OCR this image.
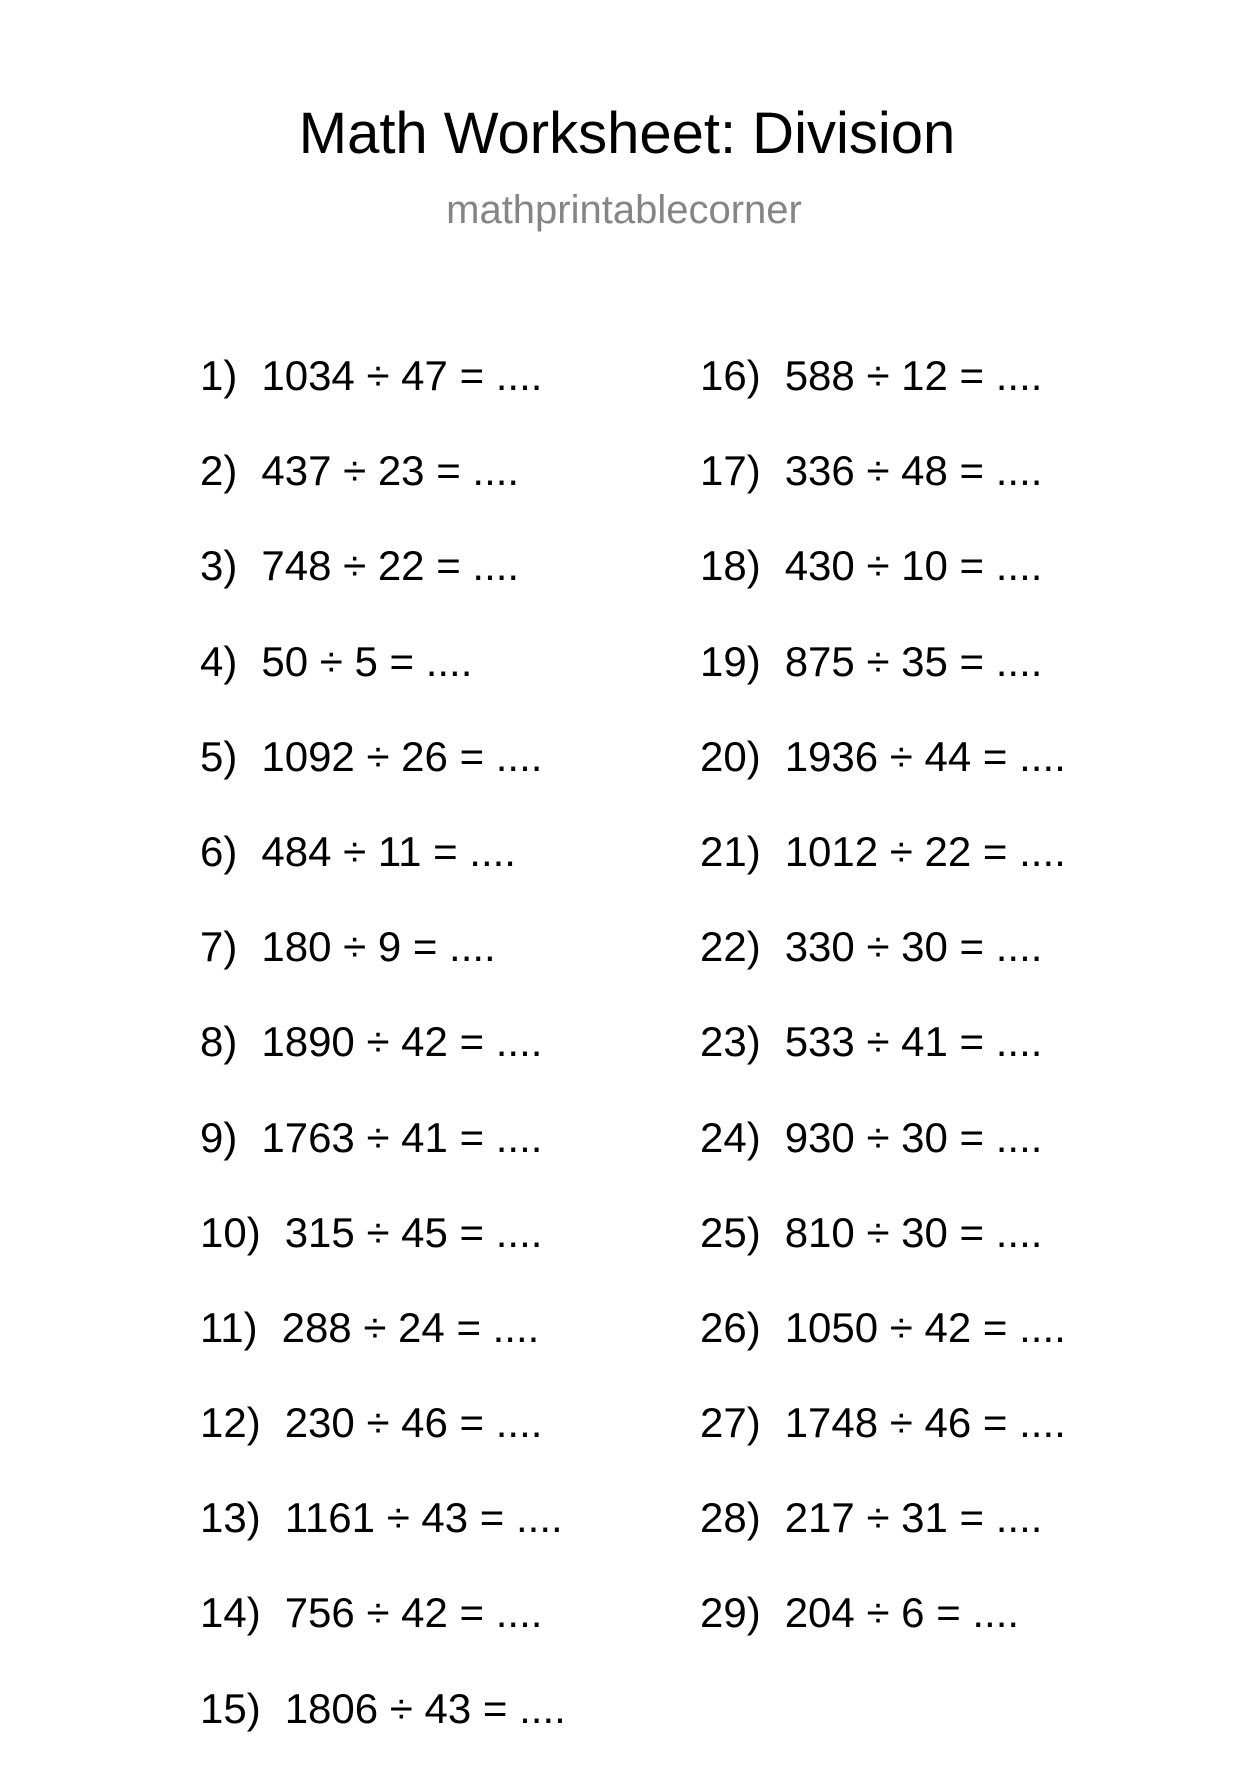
Math Worksheet: Division
mathprintablecorner
1) 1034 ÷ 47 = ....
2) 437 ÷ 23 = ....
3) 748 ÷ 22 = ....
4) 50 ÷ 5 = ....
5) 1092 ÷ 26 = ....
6) 484 ÷ 11 = ....
7) 180 ÷ 9 = ....
8) 1890 ÷ 42 = ....
9) 1763 ÷ 41 = ....
10) 315 ÷ 45 = ....
11) 288 ÷ 24 = ....
12) 230 ÷ 46 = ....
13) 1161 ÷ 43 = ....
14) 756 ÷ 42 = ....
15) 1806 ÷ 43 = ....
16) 588 ÷ 12 = ....
17) 336 ÷ 48 = ....
18) 430 ÷ 10 = ....
19) 875 ÷ 35 = ....
20) 1936 ÷ 44 = ....
21) 1012 ÷ 22 = ....
22) 330 ÷ 30 = ....
23) 533 ÷ 41 = ....
24) 930 ÷ 30 = ....
25) 810 ÷ 30 = ....
26) 1050 ÷ 42 = ....
27) 1748 ÷ 46 = ....
28) 217 ÷ 31 = ....
29) 204 ÷ 6 = ....
